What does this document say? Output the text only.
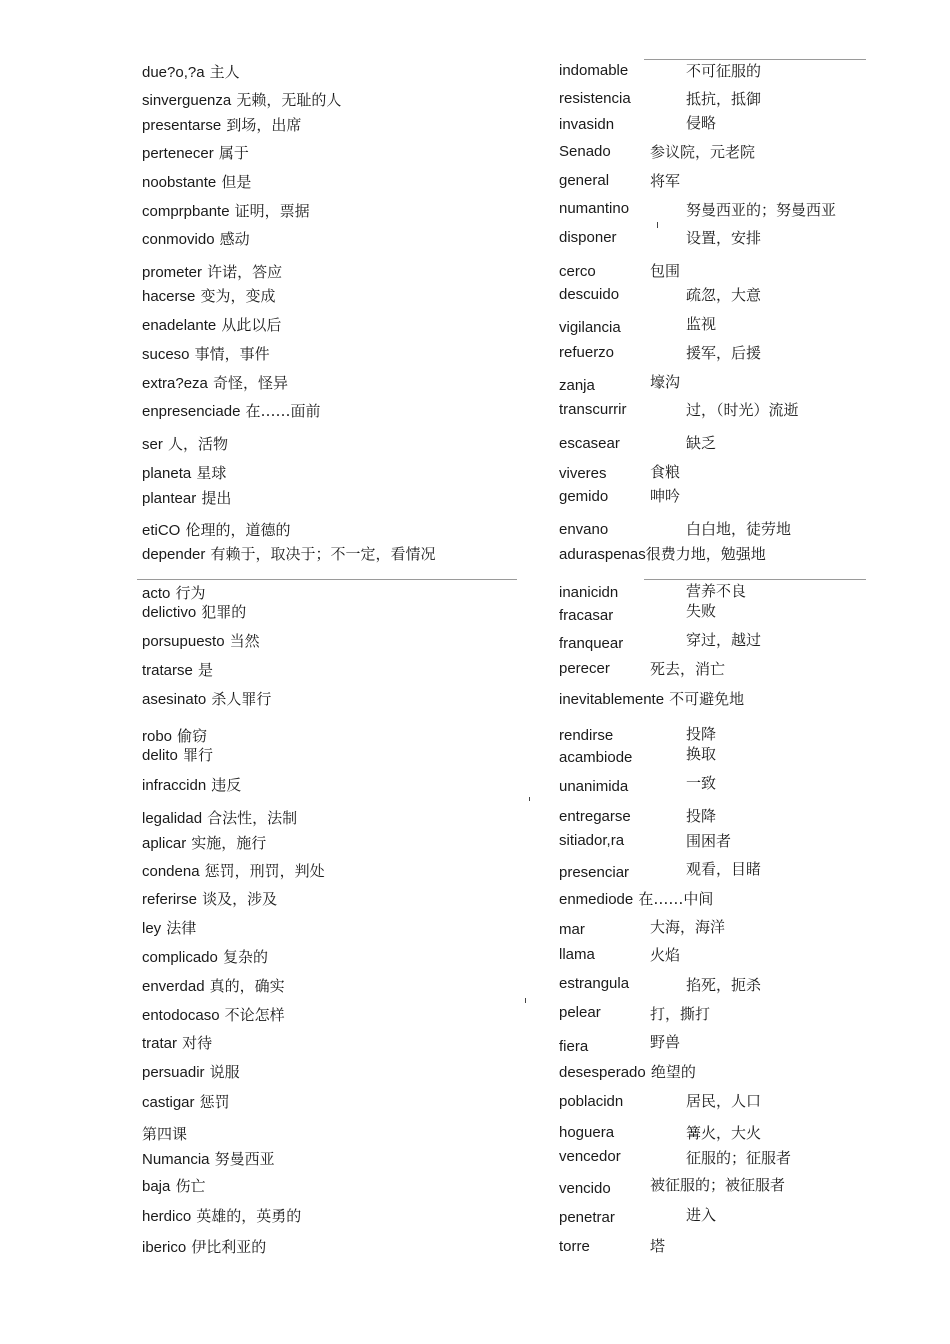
due?o,?a 主人
sinverguenza 无赖，无耻的人
presentarse 到场，出席
pertenecer 属于
noobstante 但是
comprpbante 证明，票据
conmovido 感动
prometer 许诺，答应
hacerse 变为，变成
enadelante 从此以后
suceso 事情，事件
extra?eza 奇怪，怪异
enpresenciade 在……面前
ser 人，活物
planeta 星球
plantear 提出
etiCO 伦理的，道德的
depender 有赖于，取决于；不一定，看情况
acto 行为
delictivo 犯罪的
porsupuesto 当然
tratarse 是
asesinato 杀人罪行
robo 偷窃
delito 罪行
infraccidn 违反
legalidad 合法性，法制
aplicar 实施，施行
condena 惩罚，刑罚，判处
referirse 谈及，涉及
ley 法律
complicado 复杂的
enverdad 真的，确实
entodocaso 不论怎样
tratar 对待
persuadir 说服
castigar 惩罚
第四课
Numancia 努曼西亚
baja 伤亡
herdico 英雄的，英勇的
iberico 伊比利亚的
indomable	不可征服的
resistencia	抵抗，抵御
invasidn	侵略
Senado	参议院，元老院
general	将军
numantino	努曼西亚的；努曼西亚
disponer	设置，安排
cerco	包围
descuido	疏忽，大意
vigilancia	监视
refuerzo	援军，后援
zanja	壕沟
transcurrir	过，（时光）流逝
escasear	缺乏
viveres	食粮
gemido	呻吟
envano	白白地，徒劳地
aduraspenas很费力地，勉强地
inanicidn	营养不良
fracasar	失败
franquear	穿过，越过
perecer	死去，消亡
inevitablemente 不可避免地
rendirse	投降
acambiode	换取
unanimida	一致
entregarse	投降
sitiador,ra	围困者
presenciar	观看，目睹
enmediode 在……中间
mar	大海，海洋
llama	火焰
estrangula	掐死，扼杀
pelear	打，撕打
fiera	野兽
desesperado 绝望的
poblacidn	居民，人口
hoguera	篝火，大火
vencedor	征服的；征服者
vencido	被征服的；被征服者
penetrar	进入
torre	塔
